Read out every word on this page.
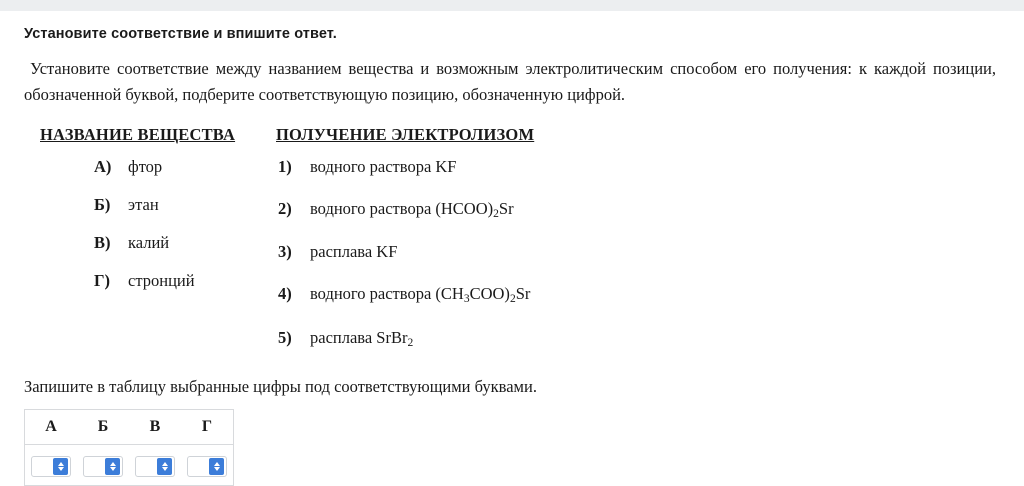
Установите соответствие и впишите ответ.

Установите соответствие между названием вещества и возможным электролитическим способом его получения: к каждой позиции, обозначенной буквой, подберите соответствующую позицию, обозначенную цифрой.

НАЗВАНИЕ ВЕЩЕСТВА	ПОЛУЧЕНИЕ ЭЛЕКТРОЛИЗОМ
А)	фтор
Б)	этан
В)	калий
Г)	стронций
1)	водного раствора KF
2)	водного раствора $(HCOO)_2Sr$
3)	расплава KF
4)	водного раствора $(CH_3COO)_2Sr$
5)	расплава SrBr$_2$
Запишите в таблицу выбранные цифры под соответствующими буквами.
А	Б	В	Г
